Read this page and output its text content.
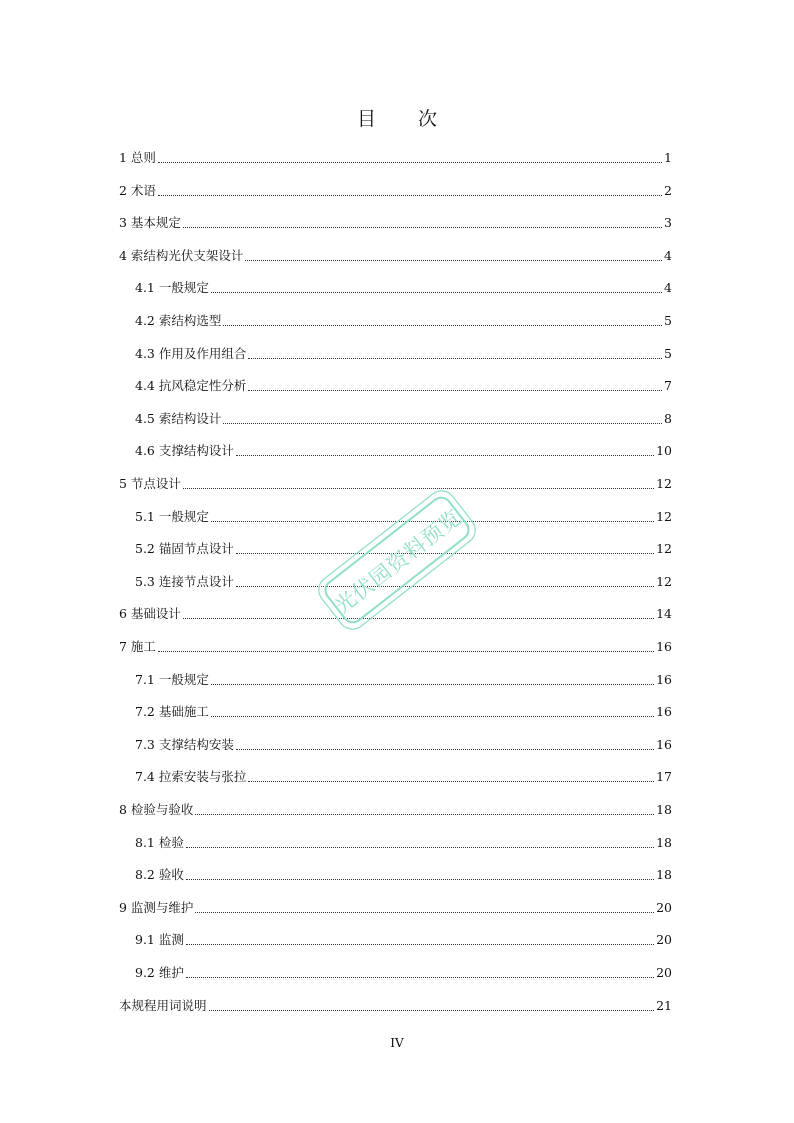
目 次
1 总则	1
2 术语	2
3 基本规定	3
4 索结构光伏支架设计	4
4.1 一般规定	4
4.2 索结构选型	5
4.3 作用及作用组合	5
4.4 抗风稳定性分析	7
4.5 索结构设计	8
4.6 支撑结构设计	10
5 节点设计	12
5.1 一般规定	12
5.2 锚固节点设计	12
5.3 连接节点设计	12
6 基础设计	14
7 施工	16
7.1 一般规定	16
7.2 基础施工	16
7.3 支撑结构安装	16
7.4 拉索安装与张拉	17
8 检验与验收	18
8.1 检验	18
8.2 验收	18
9 监测与维护	20
9.1 监测	20
9.2 维护	20
本规程用词说明	21
光伏园资料预览
IV
